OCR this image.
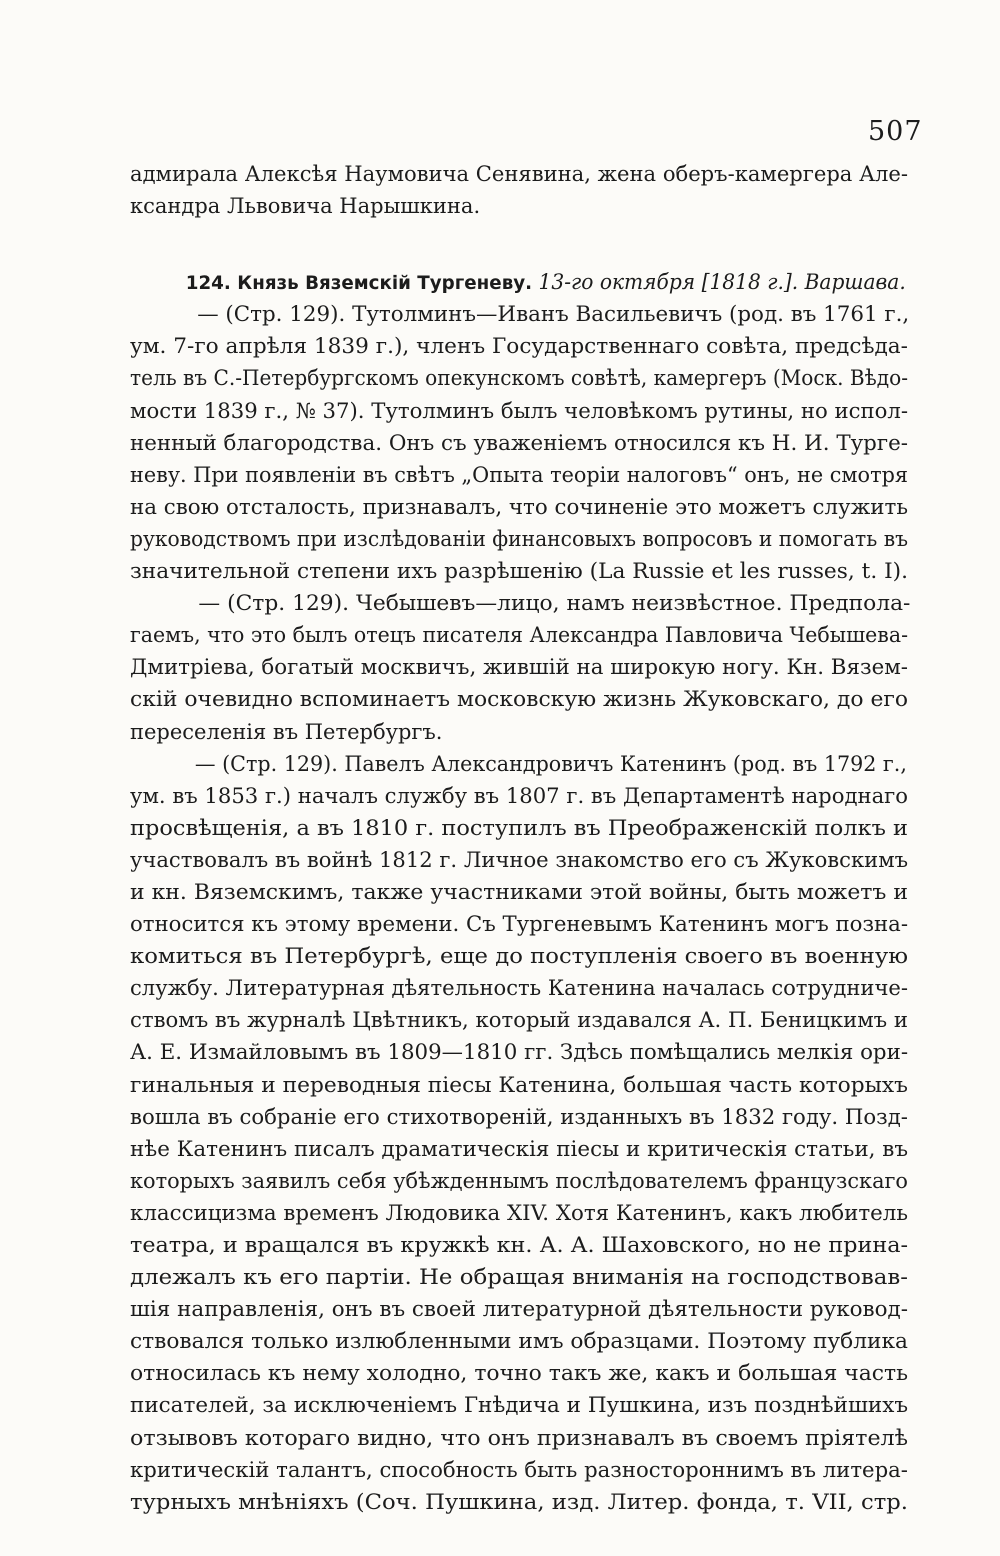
507
адмирала Алексѣя Наумовича Сенявина, жена оберъ-камергера Але-
ксандра Львовича Нарышкина.
124. Князь Вяземскій Тургеневу. 13-го октября [1818 г.]. Варшава.
— (Стр. 129). Тутолминъ—Иванъ Васильевичъ (род. въ 1761 г.,
ум. 7-го апрѣля 1839 г.), членъ Государственнаго совѣта, предсѣда-
тель въ С.-Петербургскомъ опекунскомъ совѣтѣ, камергеръ (Моск. Вѣдо-
мости 1839 г., № 37). Тутолминъ былъ человѣкомъ рутины, но испол-
ненный благородства. Онъ съ уваженіемъ относился къ Н. И. Турге-
неву. При появленіи въ свѣтъ „Опыта теоріи налоговъ“ онъ, не смотря
на свою отсталость, признавалъ, что сочиненіе это можетъ служить
руководствомъ при изслѣдованіи финансовыхъ вопросовъ и помогать въ
значительной степени ихъ разрѣшенію (La Russie et les russes, t. I).
— (Стр. 129). Чебышевъ—лицо, намъ неизвѣстное. Предпола-
гаемъ, что это былъ отецъ писателя Александра Павловича Чебышева-
Дмитріева, богатый москвичъ, жившій на широкую ногу. Кн. Вязем-
скій очевидно вспоминаетъ московскую жизнь Жуковскаго, до его
переселенія въ Петербургъ.
— (Стр. 129). Павелъ Александровичъ Катенинъ (род. въ 1792 г.,
ум. въ 1853 г.) началъ службу въ 1807 г. въ Департаментѣ народнаго
просвѣщенія, а въ 1810 г. поступилъ въ Преображенскій полкъ и
участвовалъ въ войнѣ 1812 г. Личное знакомство его съ Жуковскимъ
и кн. Вяземскимъ, также участниками этой войны, быть можетъ и
относится къ этому времени. Съ Тургеневымъ Катенинъ могъ позна-
комиться въ Петербургѣ, еще до поступленія своего въ военную
службу. Литературная дѣятельность Катенина началась сотрудниче-
ствомъ въ журналѣ Цвѣтникъ, который издавался А. П. Беницкимъ и
А. Е. Измайловымъ въ 1809—1810 гг. Здѣсь помѣщались мелкія ори-
гинальныя и переводныя піесы Катенина, большая часть которыхъ
вошла въ собраніе его стихотвореній, изданныхъ въ 1832 году. Позд-
нѣе Катенинъ писалъ драматическія піесы и критическія статьи, въ
которыхъ заявилъ себя убѣжденнымъ послѣдователемъ французскаго
классицизма временъ Людовика XIV. Хотя Катенинъ, какъ любитель
театра, и вращался въ кружкѣ кн. А. А. Шаховского, но не прина-
длежалъ къ его партіи. Не обращая вниманія на господствовав-
шія направленія, онъ въ своей литературной дѣятельности руковод-
ствовался только излюбленными имъ образцами. Поэтому публика
относилась къ нему холодно, точно такъ же, какъ и большая часть
писателей, за исключеніемъ Гнѣдича и Пушкина, изъ позднѣйшихъ
отзывовъ котораго видно, что онъ признавалъ въ своемъ пріятелѣ
критическій талантъ, способность быть разностороннимъ въ литера-
турныхъ мнѣніяхъ (Соч. Пушкина, изд. Литер. фонда, т. VII, стр.
